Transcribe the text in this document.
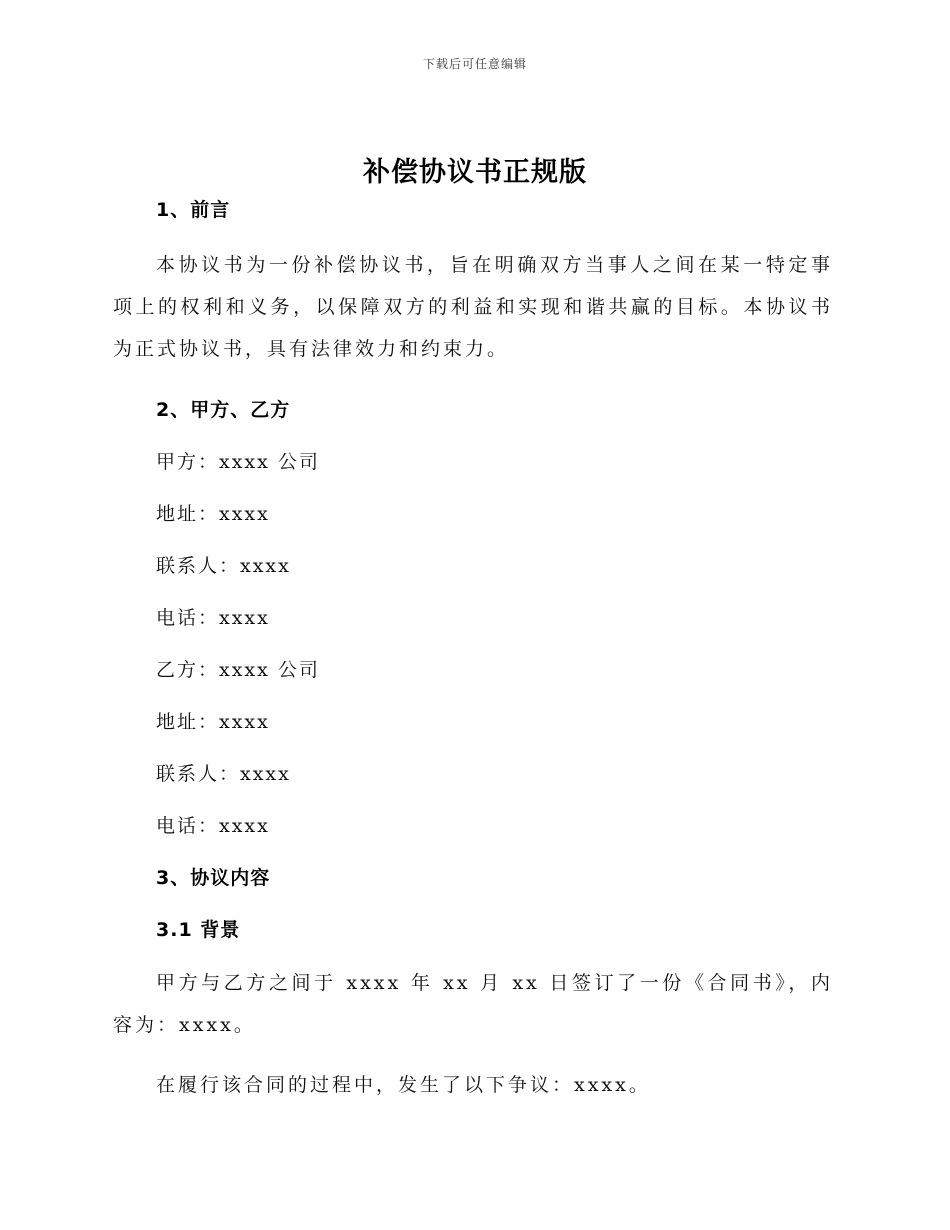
下载后可任意编辑
补偿协议书正规版

1、前言

本协议书为一份补偿协议书，旨在明确双方当事人之间在某一特定事项上的权利和义务，以保障双方的利益和实现和谐共赢的目标。本协议书为正式协议书，具有法律效力和约束力。

2、甲方、乙方

甲方：xxxx 公司

地址：xxxx

联系人：xxxx

电话：xxxx

乙方：xxxx 公司

地址：xxxx

联系人：xxxx

电话：xxxx

3、协议内容

3.1 背景

甲方与乙方之间于 xxxx 年 xx 月 xx 日签订了一份《合同书》，内容为：xxxx。

在履行该合同的过程中，发生了以下争议：xxxx。
